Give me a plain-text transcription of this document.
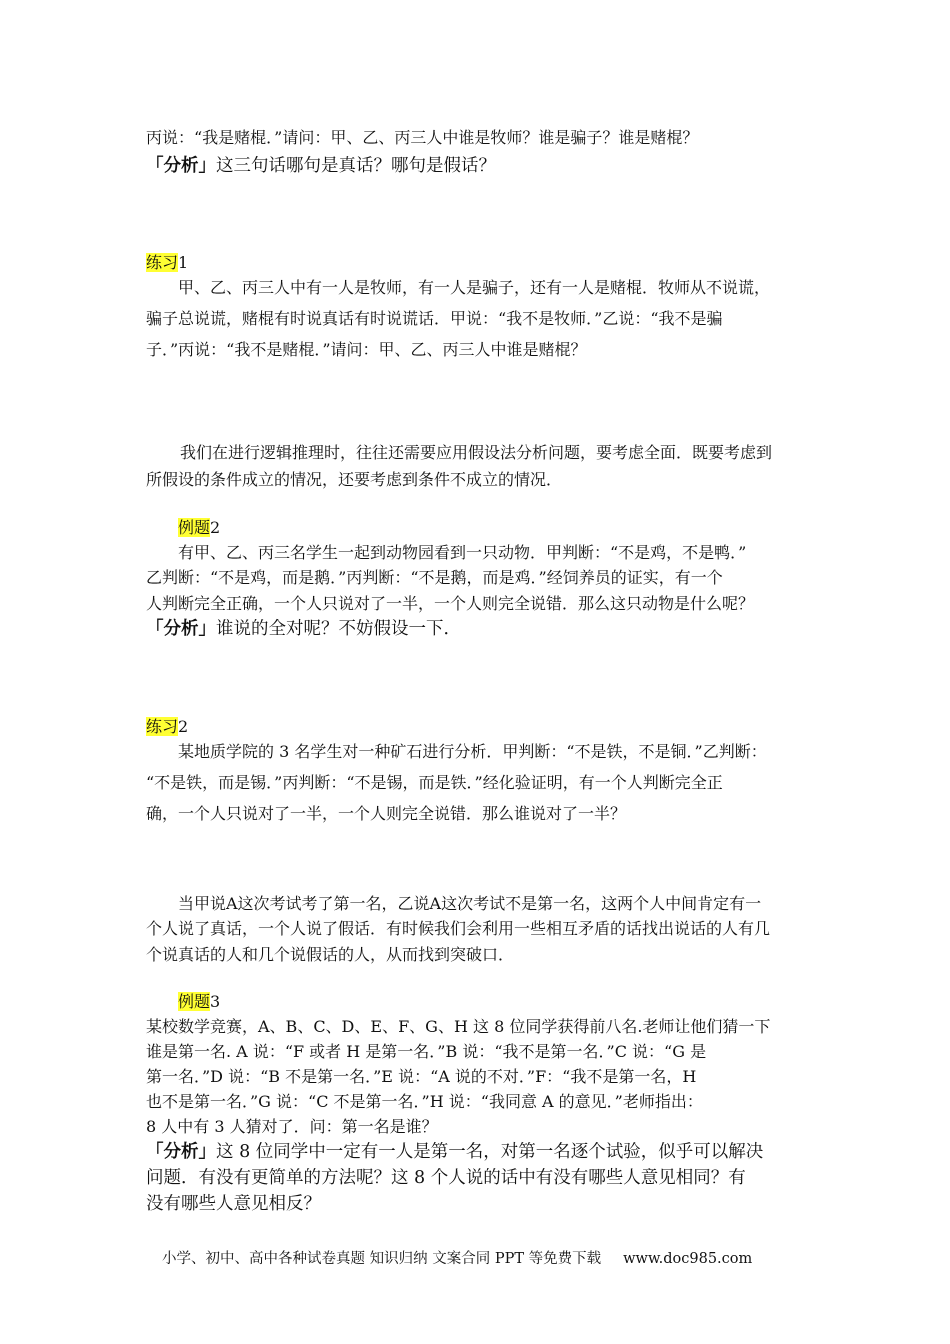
丙说：“我是赌棍．”请问：甲、乙、丙三人中谁是牧师？谁是骗子？谁是赌棍？
「分析」这三句话哪句是真话？哪句是假话？
练习1
甲、乙、丙三人中有一人是牧师，有一人是骗子，还有一人是赌棍．牧师从不说谎，
骗子总说谎，赌棍有时说真话有时说谎话．甲说：“我不是牧师．”乙说：“我不是骗
子．”丙说：“我不是赌棍．”请问：甲、乙、丙三人中谁是赌棍？
我们在进行逻辑推理时，往往还需要应用假设法分析问题，要考虑全面．既要考虑到
所假设的条件成立的情况，还要考虑到条件不成立的情况．
例题2
有甲、乙、丙三名学生一起到动物园看到一只动物．甲判断：“不是鸡，不是鸭．”
乙判断：“不是鸡，而是鹅．”丙判断：“不是鹅，而是鸡．”经饲养员的证实，有一个
人判断完全正确，一个人只说对了一半，一个人则完全说错．那么这只动物是什么呢？
「分析」谁说的全对呢？不妨假设一下．
练习2
某地质学院的 3 名学生对一种矿石进行分析．甲判断：“不是铁，不是铜．”乙判断：
“不是铁，而是锡．”丙判断：“不是锡，而是铁．”经化验证明，有一个人判断完全正
确，一个人只说对了一半，一个人则完全说错．那么谁说对了一半？
当甲说A这次考试考了第一名，乙说A这次考试不是第一名，这两个人中间肯定有一
个人说了真话，一个人说了假话．有时候我们会利用一些相互矛盾的话找出说话的人有几
个说真话的人和几个说假话的人，从而找到突破口．
例题3
某校数学竞赛，A、B、C、D、E、F、G、H 这 8 位同学获得前八名.老师让他们猜一下
谁是第一名. A 说：“F 或者 H 是第一名．”B 说：“我不是第一名．”C 说：“G 是
第一名．”D 说：“B 不是第一名．”E 说：“A 说的不对．”F：“我不是第一名，H
也不是第一名．”G 说：“C 不是第一名．”H 说：“我同意 A 的意见．”老师指出：
8 人中有 3 人猜对了．问：第一名是谁？
「分析」这 8 位同学中一定有一人是第一名，对第一名逐个试验，似乎可以解决
问题．有没有更简单的方法呢？这 8 个人说的话中有没有哪些人意见相同？有
没有哪些人意见相反？
小学、初中、高中各种试卷真题 知识归纳 文案合同 PPT 等免费下载 www.doc985.com
